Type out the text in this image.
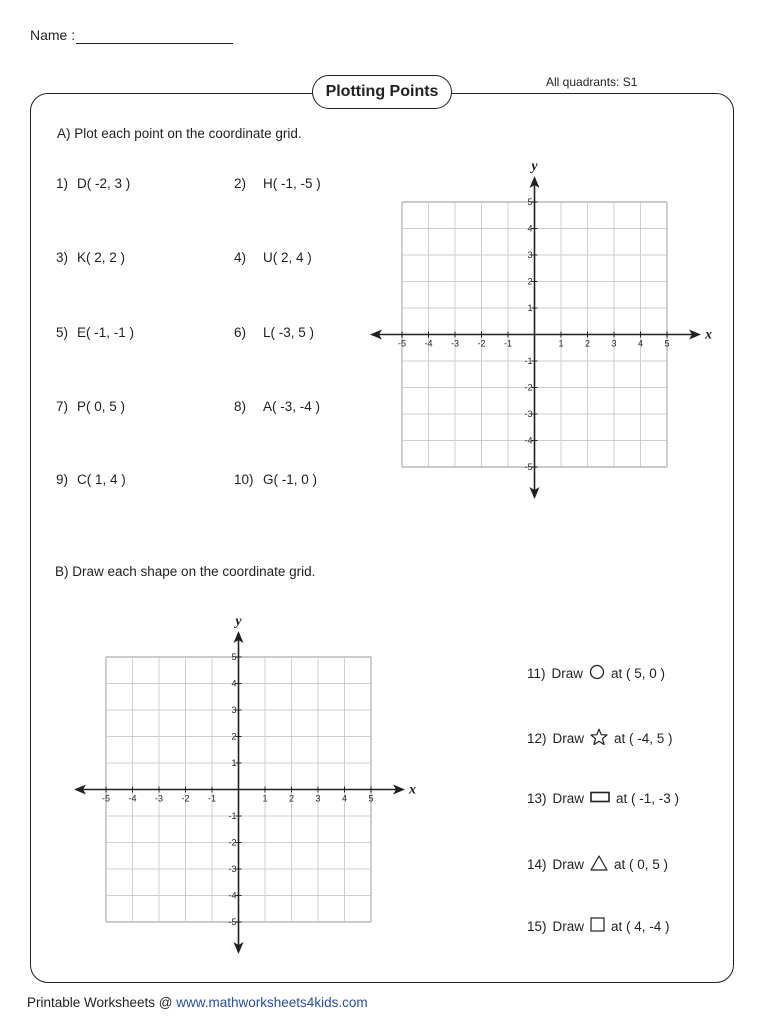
Name :
All quadrants: S1
Plotting Points
A) Plot each point on the coordinate grid.
1) D( -2, 3 )	2) H( -1, -5 )
3) K( 2, 2 )	4) U( 2, 4 )
5) E( -1, -1 )	6) L( -3, 5 )
7) P( 0, 5 )	8) A( -3, -4 )
9) C( 1, 4 )	10) G( -1, 0 )
x
y
-5 -4 -3 -2 -1	1 2 3 4 5
5
4
3
2
1
-1
-2
-3
-4
-5
B) Draw each shape on the coordinate grid.
x
y
-5 -4 -3 -2 -1	1 2 3 4 5
5
4
3
2
1
-1
-2
-3
-4
-5
11) Draw at ( 5, 0 )
12) Draw at ( -4, 5 )
13) Draw at ( -1, -3 )
14) Draw at ( 0, 5 )
15) Draw at ( 4, -4 )
Printable Worksheets @ www.mathworksheets4kids.com
